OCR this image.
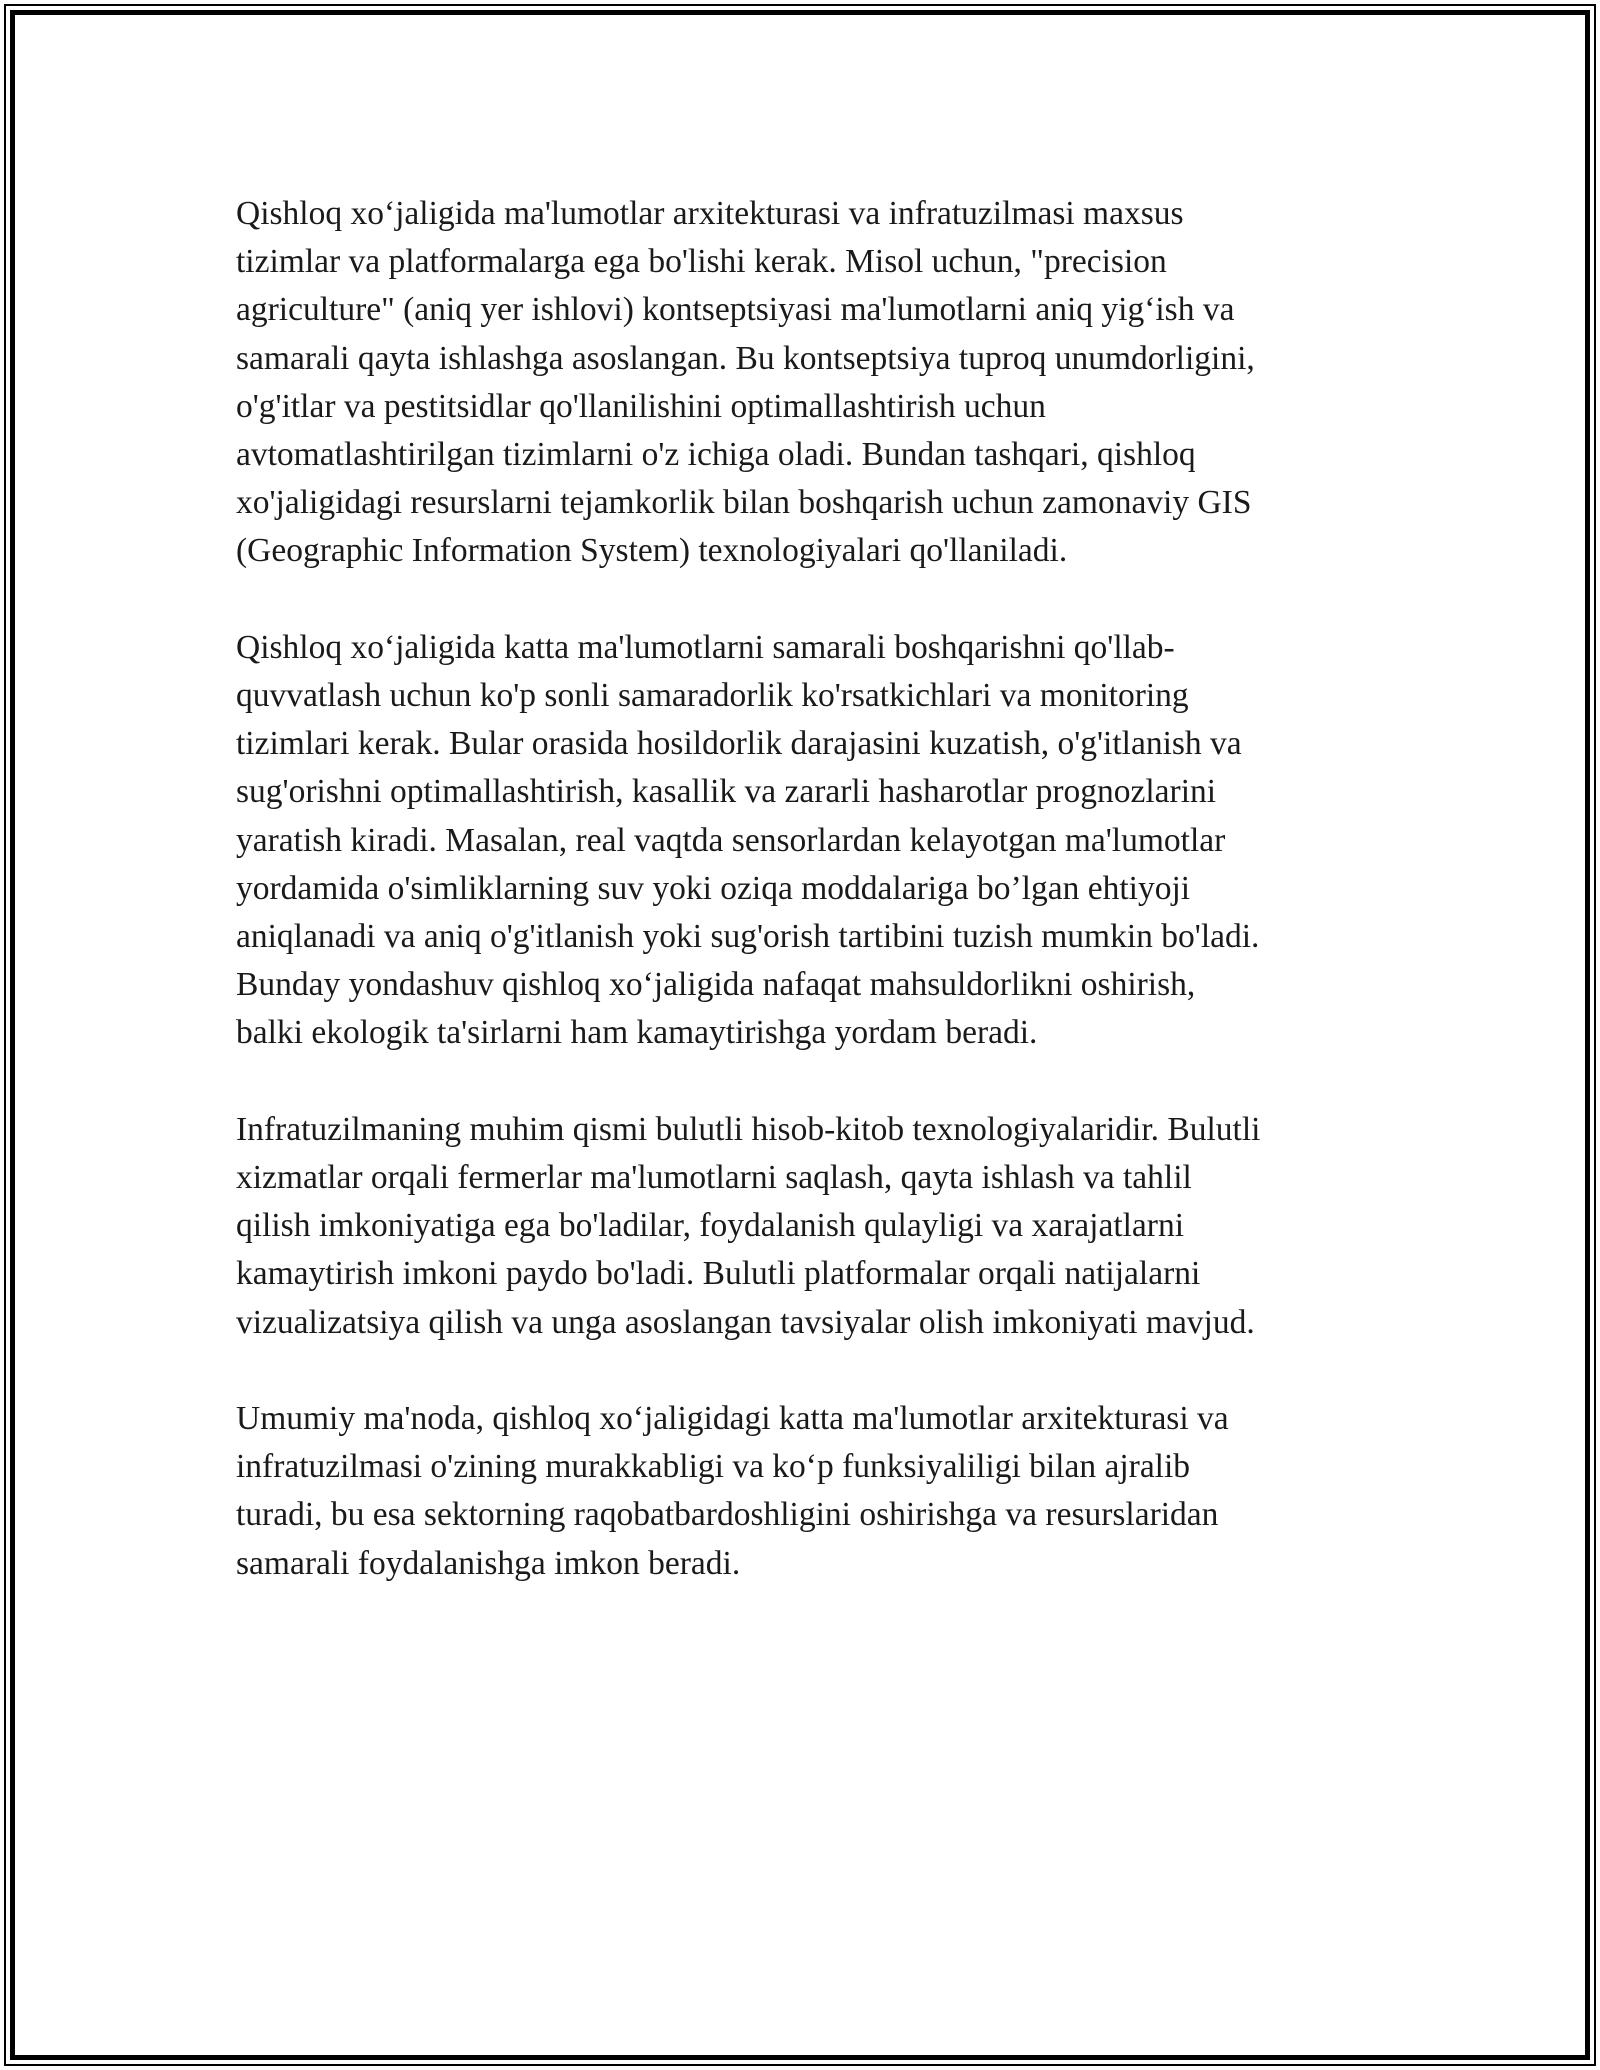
Qishloq xo‘jaligida ma'lumotlar arxitekturasi va infratuzilmasi maxsus
tizimlar va platformalarga ega bo'lishi kerak. Misol uchun, "precision
agriculture" (aniq yer ishlovi) kontseptsiyasi ma'lumotlarni aniq yig‘ish va
samarali qayta ishlashga asoslangan. Bu kontseptsiya tuproq unumdorligini,
o'g'itlar va pestitsidlar qo'llanilishini optimallashtirish uchun
avtomatlashtirilgan tizimlarni o'z ichiga oladi. Bundan tashqari, qishloq
xo'jaligidagi resurslarni tejamkorlik bilan boshqarish uchun zamonaviy GIS
(Geographic Information System) texnologiyalari qo'llaniladi.

Qishloq xo‘jaligida katta ma'lumotlarni samarali boshqarishni qo'llab-
quvvatlash uchun ko'p sonli samaradorlik ko'rsatkichlari va monitoring
tizimlari kerak. Bular orasida hosildorlik darajasini kuzatish, o'g'itlanish va
sug'orishni optimallashtirish, kasallik va zararli hasharotlar prognozlarini
yaratish kiradi. Masalan, real vaqtda sensorlardan kelayotgan ma'lumotlar
yordamida o'simliklarning suv yoki oziqa moddalariga bo’lgan ehtiyoji
aniqlanadi va aniq o'g'itlanish yoki sug'orish tartibini tuzish mumkin bo'ladi.
Bunday yondashuv qishloq xo‘jaligida nafaqat mahsuldorlikni oshirish,
balki ekologik ta'sirlarni ham kamaytirishga yordam beradi.

Infratuzilmaning muhim qismi bulutli hisob-kitob texnologiyalaridir. Bulutli
xizmatlar orqali fermerlar ma'lumotlarni saqlash, qayta ishlash va tahlil
qilish imkoniyatiga ega bo'ladilar, foydalanish qulayligi va xarajatlarni
kamaytirish imkoni paydo bo'ladi. Bulutli platformalar orqali natijalarni
vizualizatsiya qilish va unga asoslangan tavsiyalar olish imkoniyati mavjud.

Umumiy ma'noda, qishloq xo‘jaligidagi katta ma'lumotlar arxitekturasi va
infratuzilmasi o'zining murakkabligi va ko‘p funksiyaliligi bilan ajralib
turadi, bu esa sektorning raqobatbardoshligini oshirishga va resurslaridan
samarali foydalanishga imkon beradi.
